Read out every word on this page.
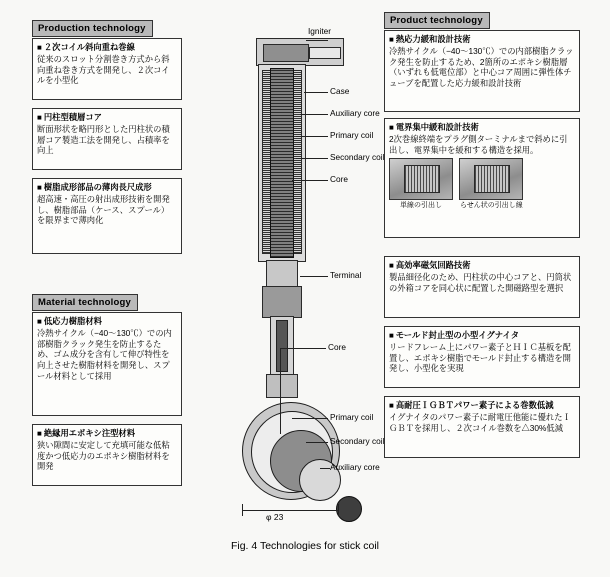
Production technology
■ ２次コイル斜向重ね巻線
従来のスロット分割巻き方式から斜向重ね巻き方式を開発し、２次コイルを小型化
■ 円柱型積層コア
断面形状を略円形とした円柱状の積層コア製造工法を開発し、占積率を向上
■ 樹脂成形部品の薄肉長尺成形
超高速・高圧の射出成形技術を開発し、樹脂部品（ケース、スプール）を限界まで薄肉化
Material technology
■ 低応力樹脂材料
冷熱サイクル（−40〜130℃）での内部樹脂クラック発生を防止するため、ゴム成分を含有して伸び特性を向上させた樹脂材料を開発し、スプール材料として採用
■ 絶縁用エポキシ注型材料
狭い隙間に安定して充填可能な低粘度かつ低応力のエポキシ樹脂材料を開発
Product technology
■ 熱応力緩和設計技術
冷熱サイクル（−40〜130℃）での内部樹脂クラック発生を防止するため、2箇所のエポキシ樹脂層（いずれも低電位部）と中心コア周囲に弾性体チューブを配置した応力緩和設計技術
■ 電界集中緩和設計技術
2次巻線終端をプラグ側ターミナルまで斜めに引出し、電界集中を緩和する構造を採用。
単線の引出し	らせん状の引出し線
■ 高効率磁気回路技術
製品細径化のため、円柱状の中心コアと、円筒状の外箱コアを同心状に配置した開磁路型を選択
■ モールド封止型の小型イグナイタ
リードフレーム上にパワー素子とＨＩＣ基板を配置し、エポキシ樹脂でモールド封止する構造を開発し、小型化を実現
■ 高耐圧ＩＧＢＴパワー素子による巻数低減
イグナイタのパワー素子に耐電圧他能に優れたＩＧＢＴを採用し、２次コイル巻数を△30%低減
φ 23
Igniter
Case
Auxiliary core
Primary coil
Secondary coil
Core
Terminal
Core
Primary coil
Secondary coil
Auxiliary core
Fig. 4 Technologies for stick coil
